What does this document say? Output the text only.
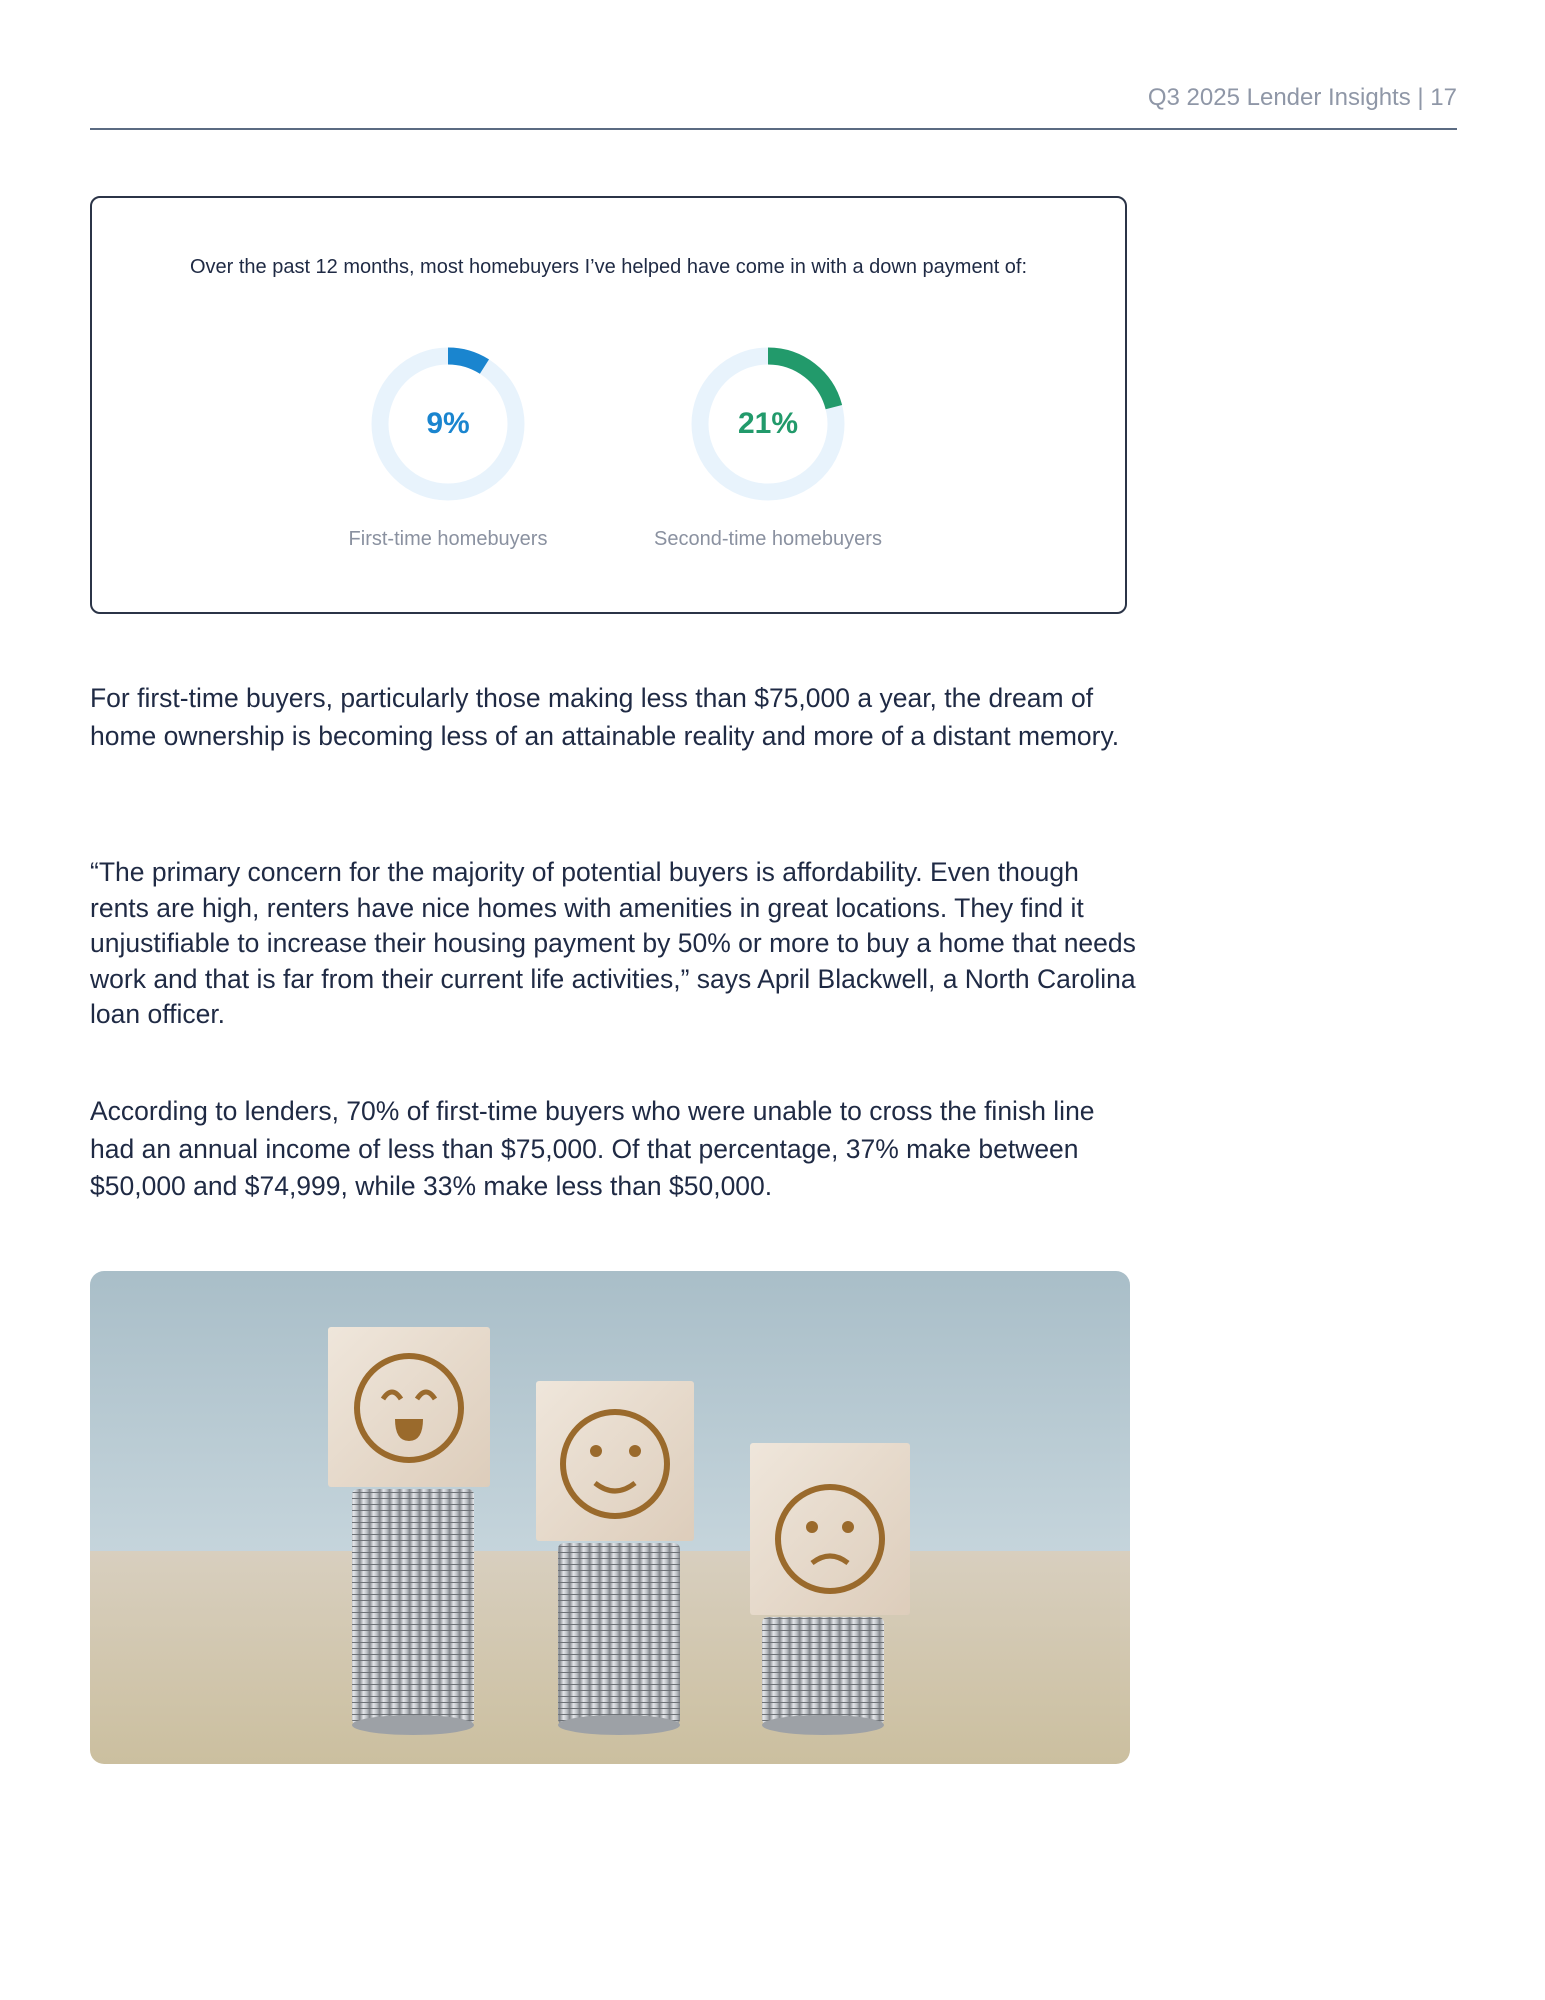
Q3 2025 Lender Insights | 17
Over the past 12 months, most homebuyers I’ve helped have come in with a down payment of:
9%
First-time homebuyers
21%
Second-time homebuyers

For first-time buyers, particularly those making less than $75,000 a year, the dream of home ownership is becoming less of an attainable reality and more of a distant memory.

“The primary concern for the majority of potential buyers is affordability. Even though rents are high, renters have nice homes with amenities in great locations. They find it unjustifiable to increase their housing payment by 50% or more to buy a home that needs work and that is far from their current life activities,” says April Blackwell, a North Carolina loan officer.

According to lenders, 70% of first-time buyers who were unable to cross the finish line had an annual income of less than $75,000. Of that percentage, 37% make between $50,000 and $74,999, while 33% make less than $50,000.
